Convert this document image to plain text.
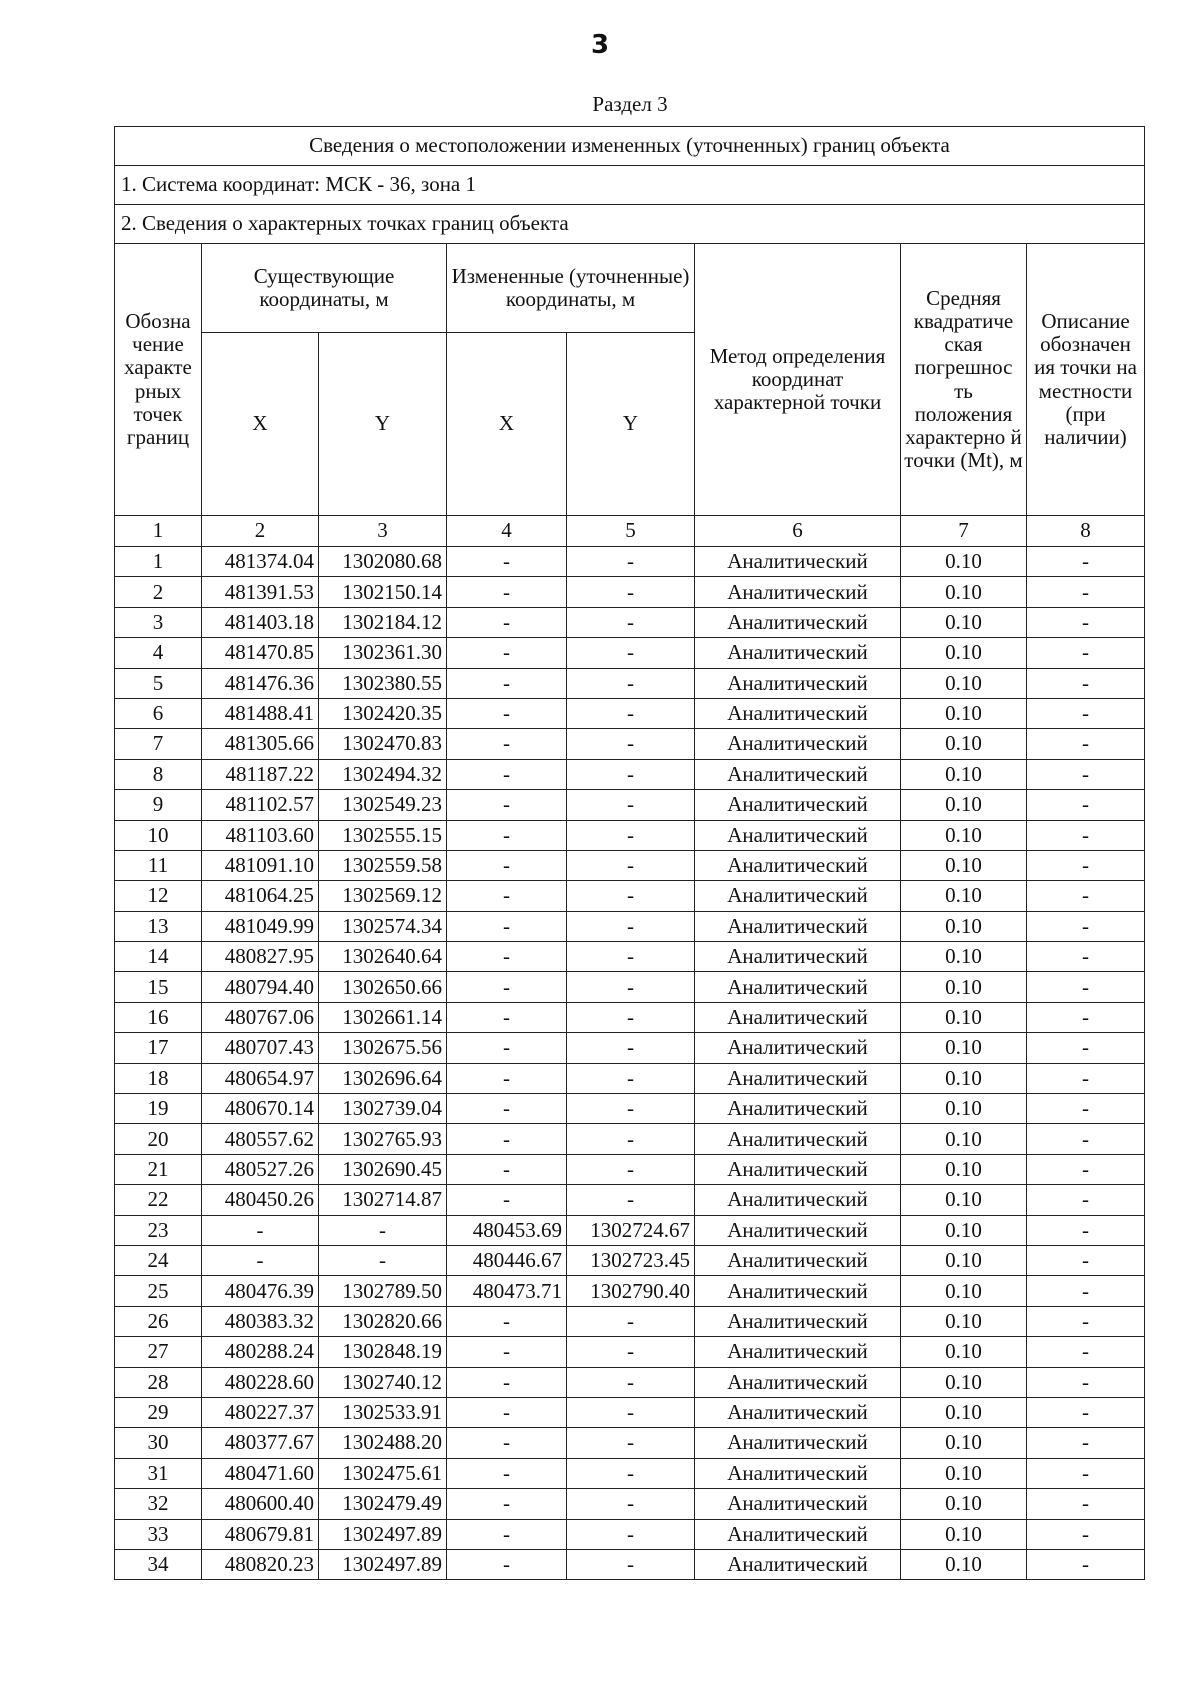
3
Раздел 3
Сведения о местоположении измененных (уточненных) границ объекта							
1. Система координат: МСК - 36, зона 1							
2. Сведения о характерных точках границ объекта							
Обозна чение характе рных точек границ	Существующие координаты, м		Измененные (уточненные) координаты, м		Метод определения координат характерной точки	Средняя квадратиче ская погрешнос ть положения характерно й точки (Mt), м	Описание обозначен ия точки на местности (при наличии)
	X	Y	X	Y			
1	2	3	4	5	6	7	8
1	481374.04	1302080.68	-	-	Аналитический	0.10	-
2	481391.53	1302150.14	-	-	Аналитический	0.10	-
3	481403.18	1302184.12	-	-	Аналитический	0.10	-
4	481470.85	1302361.30	-	-	Аналитический	0.10	-
5	481476.36	1302380.55	-	-	Аналитический	0.10	-
6	481488.41	1302420.35	-	-	Аналитический	0.10	-
7	481305.66	1302470.83	-	-	Аналитический	0.10	-
8	481187.22	1302494.32	-	-	Аналитический	0.10	-
9	481102.57	1302549.23	-	-	Аналитический	0.10	-
10	481103.60	1302555.15	-	-	Аналитический	0.10	-
11	481091.10	1302559.58	-	-	Аналитический	0.10	-
12	481064.25	1302569.12	-	-	Аналитический	0.10	-
13	481049.99	1302574.34	-	-	Аналитический	0.10	-
14	480827.95	1302640.64	-	-	Аналитический	0.10	-
15	480794.40	1302650.66	-	-	Аналитический	0.10	-
16	480767.06	1302661.14	-	-	Аналитический	0.10	-
17	480707.43	1302675.56	-	-	Аналитический	0.10	-
18	480654.97	1302696.64	-	-	Аналитический	0.10	-
19	480670.14	1302739.04	-	-	Аналитический	0.10	-
20	480557.62	1302765.93	-	-	Аналитический	0.10	-
21	480527.26	1302690.45	-	-	Аналитический	0.10	-
22	480450.26	1302714.87	-	-	Аналитический	0.10	-
23	-	-	480453.69	1302724.67	Аналитический	0.10	-
24	-	-	480446.67	1302723.45	Аналитический	0.10	-
25	480476.39	1302789.50	480473.71	1302790.40	Аналитический	0.10	-
26	480383.32	1302820.66	-	-	Аналитический	0.10	-
27	480288.24	1302848.19	-	-	Аналитический	0.10	-
28	480228.60	1302740.12	-	-	Аналитический	0.10	-
29	480227.37	1302533.91	-	-	Аналитический	0.10	-
30	480377.67	1302488.20	-	-	Аналитический	0.10	-
31	480471.60	1302475.61	-	-	Аналитический	0.10	-
32	480600.40	1302479.49	-	-	Аналитический	0.10	-
33	480679.81	1302497.89	-	-	Аналитический	0.10	-
34	480820.23	1302497.89	-	-	Аналитический	0.10	-
